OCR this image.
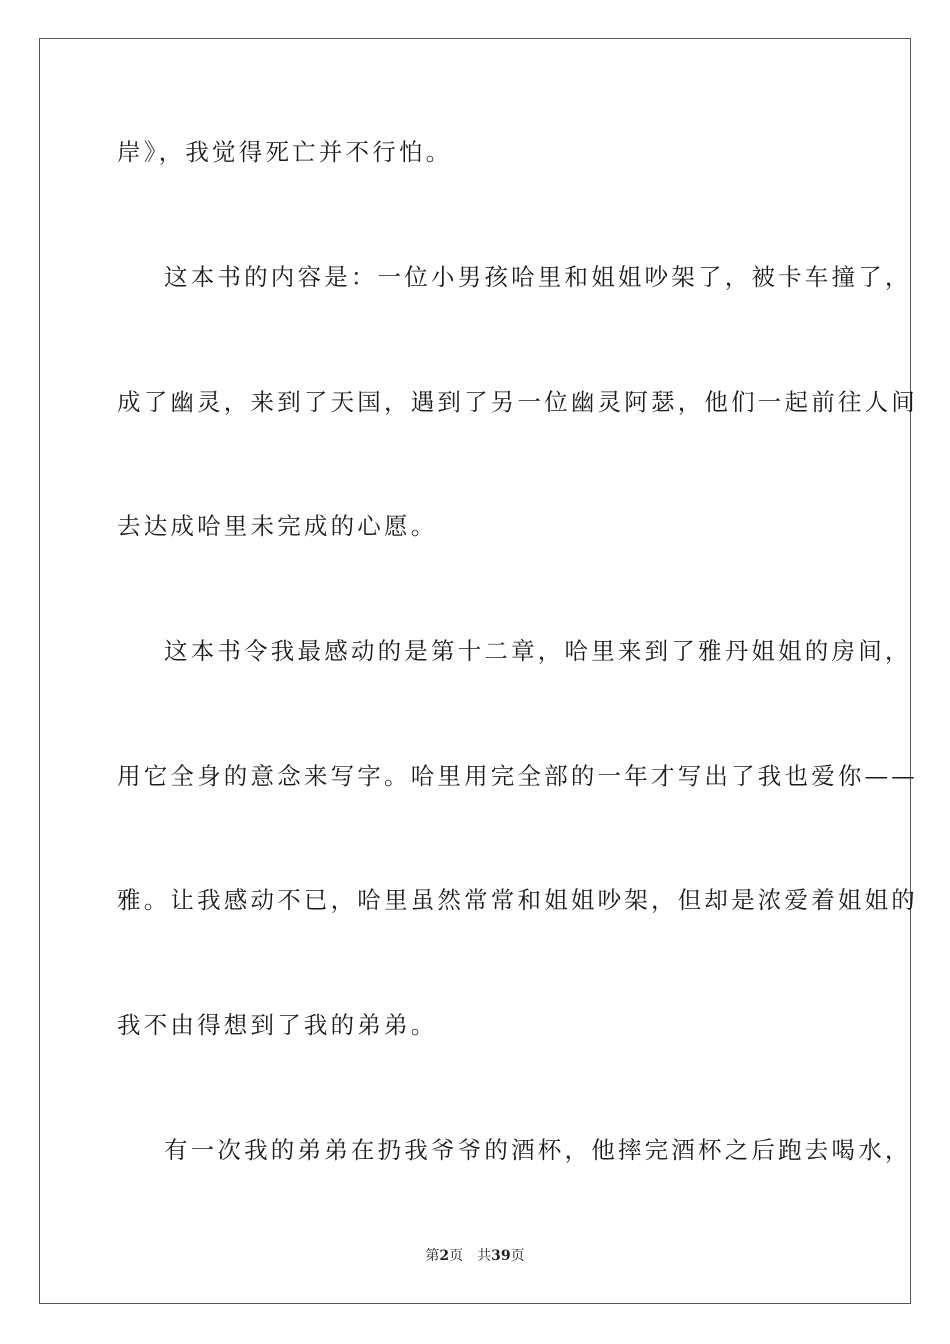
岸》，我觉得死亡并不行怕。
这本书的内容是：一位小男孩哈里和姐姐吵架了，被卡车撞了，
成了幽灵，来到了天国，遇到了另一位幽灵阿瑟，他们一起前往人间
去达成哈里未完成的心愿。
这本书令我最感动的是第十二章，哈里来到了雅丹姐姐的房间，
用它全身的意念来写字。哈里用完全部的一年才写出了我也爱你——
雅。让我感动不已，哈里虽然常常和姐姐吵架，但却是浓爱着姐姐的
我不由得想到了我的弟弟。
有一次我的弟弟在扔我爷爷的酒杯，他摔完酒杯之后跑去喝水，
第2页 共39页
